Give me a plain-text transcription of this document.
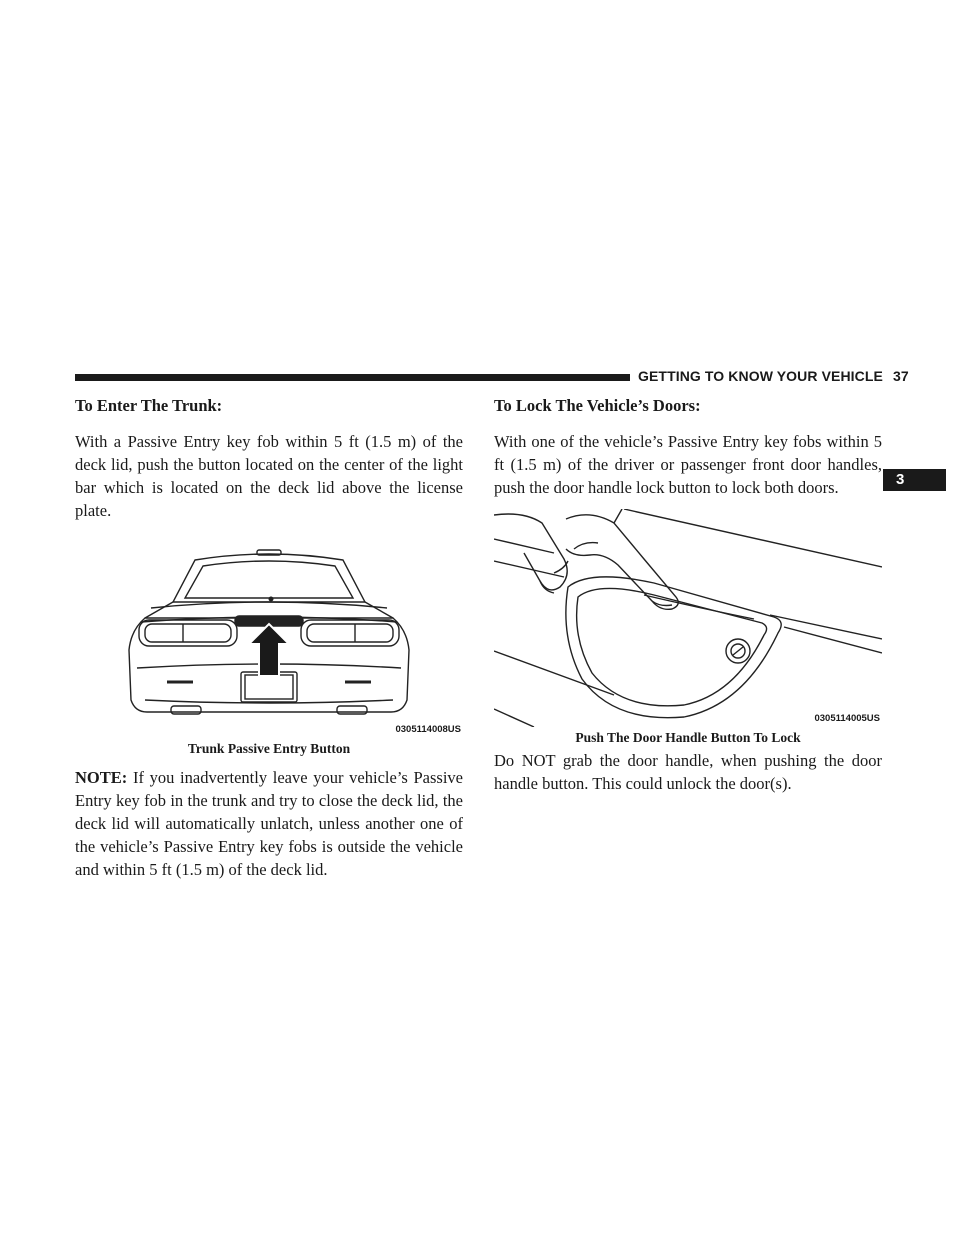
GETTING TO KNOW YOUR VEHICLE 37
3
To Enter The Trunk:

With a Passive Entry key fob within 5 ft (1.5 m) of the deck lid, push the button located on the center of the light bar which is located on the deck lid above the license plate.

0305114008US
Trunk Passive Entry Button

NOTE: If you inadvertently leave your vehicle’s Passive Entry key fob in the trunk and try to close the deck lid, the deck lid will automatically unlatch, unless another one of the vehicle’s Passive Entry key fobs is outside the vehicle and within 5 ft (1.5 m) of the deck lid.

To Lock The Vehicle’s Doors:

With one of the vehicle’s Passive Entry key fobs within 5 ft (1.5 m) of the driver or passenger front door handles, push the door handle lock button to lock both doors.

0305114005US
Push The Door Handle Button To Lock

Do NOT grab the door handle, when pushing the door handle button. This could unlock the door(s).
